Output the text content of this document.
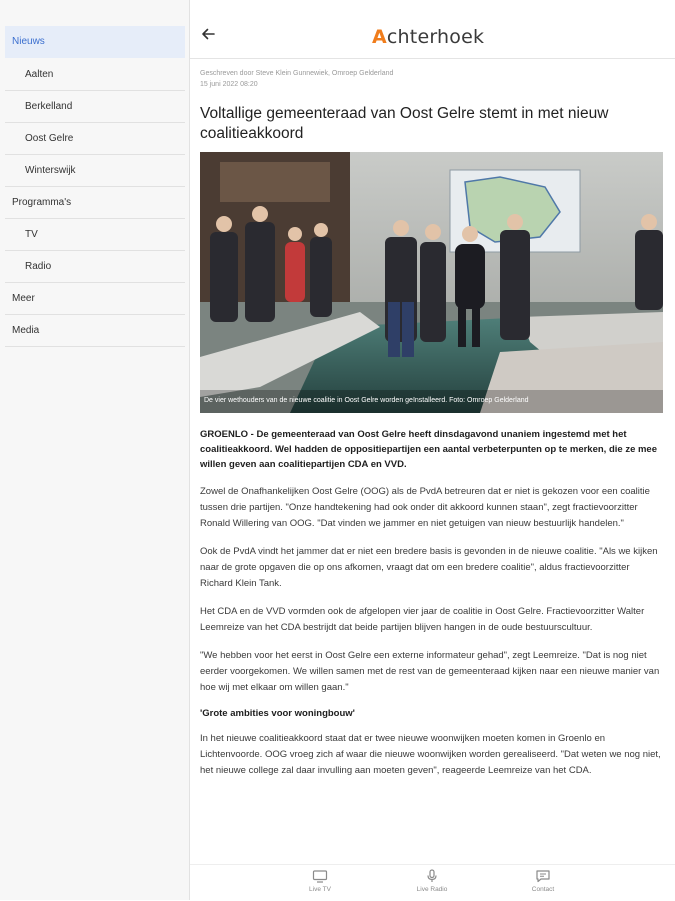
Nieuws
Aalten
Berkelland
Oost Gelre
Winterswijk
Programma's
TV
Radio
Meer
Media
A chterhoek
Geschreven door Steve Klein Gunnewiek, Omroep Gelderland
15 juni 2022 08:20
Voltallige gemeenteraad van Oost Gelre stemt in met nieuw coalitieakkoord
De vier wethouders van de nieuwe coalitie in Oost Gelre worden geïnstalleerd. Foto: Omroep Gelderland

GROENLO - De gemeenteraad van Oost Gelre heeft dinsdagavond unaniem ingestemd met het coalitieakkoord. Wel hadden de oppositiepartijen een aantal verbeterpunten op te merken, die ze mee willen geven aan coalitiepartijen CDA en VVD.

Zowel de Onafhankelijken Oost Gelre (OOG) als de PvdA betreuren dat er niet is gekozen voor een coalitie tussen drie partijen. "Onze handtekening had ook onder dit akkoord kunnen staan", zegt fractievoorzitter Ronald Willering van OOG. "Dat vinden we jammer en niet getuigen van nieuw bestuurlijk handelen."

Ook de PvdA vindt het jammer dat er niet een bredere basis is gevonden in de nieuwe coalitie. "Als we kijken naar de grote opgaven die op ons afkomen, vraagt dat om een bredere coalitie", aldus fractievoorzitter Richard Klein Tank.

Het CDA en de VVD vormden ook de afgelopen vier jaar de coalitie in Oost Gelre. Fractievoorzitter Walter Leemreize van het CDA bestrijdt dat beide partijen blijven hangen in de oude bestuurscultuur.

"We hebben voor het eerst in Oost Gelre een externe informateur gehad", zegt Leemreize. "Dat is nog niet eerder voorgekomen. We willen samen met de rest van de gemeenteraad kijken naar een nieuwe manier van hoe wij met elkaar om willen gaan."

'Grote ambities voor woningbouw'

In het nieuwe coalitieakkoord staat dat er twee nieuwe woonwijken moeten komen in Groenlo en Lichtenvoorde. OOG vroeg zich af waar die nieuwe woonwijken worden gerealiseerd. "Dat weten we nog niet, het nieuwe college zal daar invulling aan moeten geven", reageerde Leemreize van het CDA.

Live TV	Live Radio	Contact
